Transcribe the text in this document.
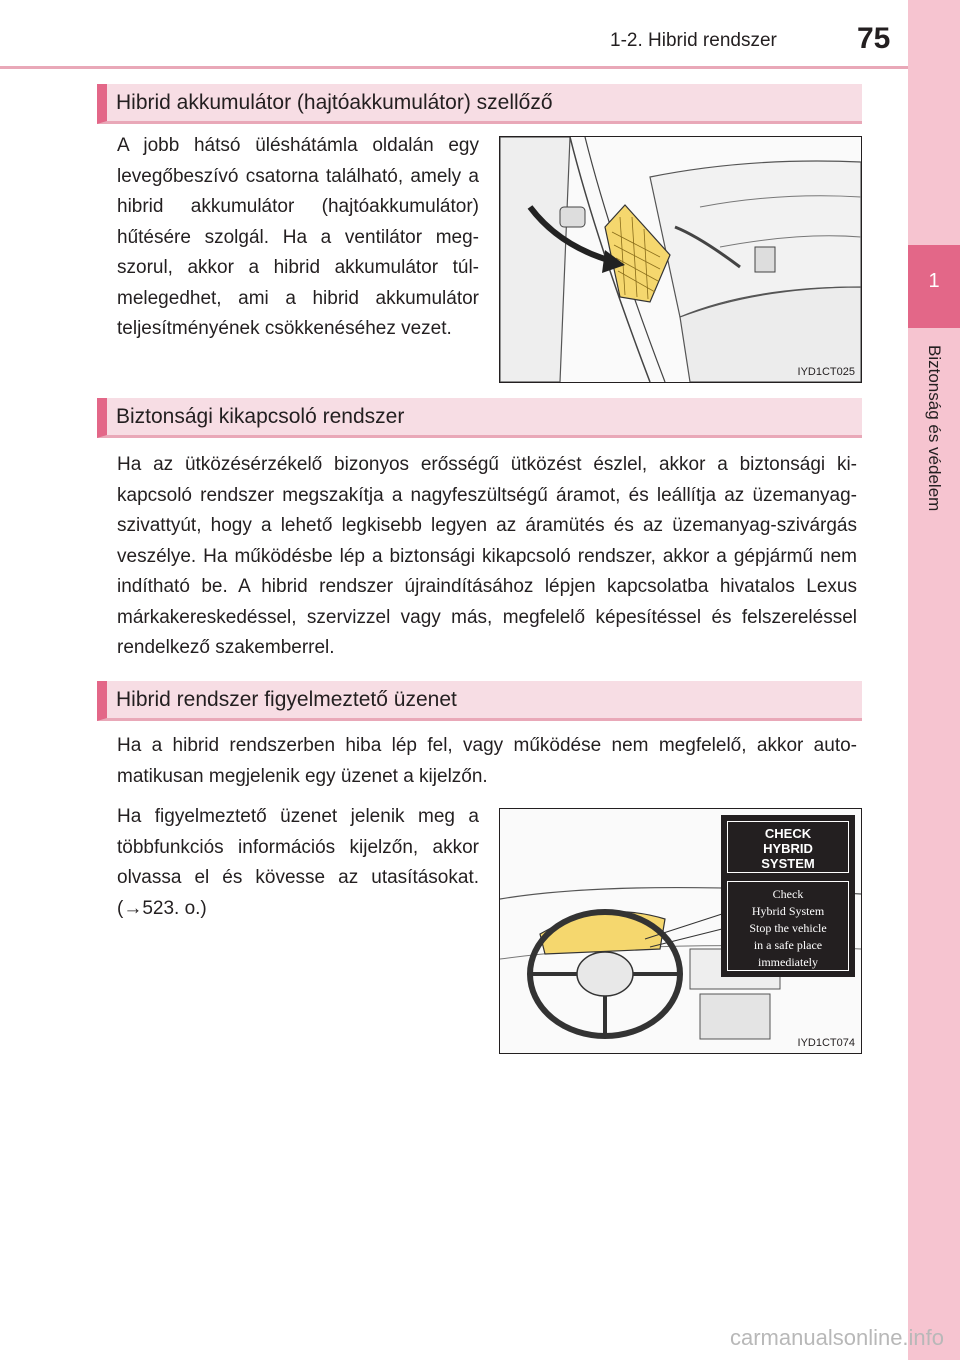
1-2. Hibrid rendszer	75
1
Biztonság és védelem
Hibrid akkumulátor (hajtóakkumulátor) szellőző
A jobb hátsó üléshátámla oldalán egy levegőbeszívó csatorna található, amely a hibrid akkumulátor (hajtóakkumulátor) hűtésére szolgál. Ha a ventilátor megszorul, akkor a hibrid akkumulátor túlmelegedhet, ami a hibrid akkumulátor teljesítményének csökkenéséhez vezet.
IYD1CT025
Biztonsági kikapcsoló rendszer
Ha az ütközésérzékelő bizonyos erősségű ütközést észlel, akkor a biztonsági kikapcsoló rendszer megszakítja a nagyfeszültségű áramot, és leállítja az üzemanyag-szivattyút, hogy a lehető legkisebb legyen az áramütés és az üzemanyag-szivárgás veszélye. Ha működésbe lép a biztonsági kikapcsoló rendszer, akkor a gépjármű nem indítható be. A hibrid rendszer újraindításához lépjen kapcsolatba hivatalos Lexus márkakereskedéssel, szervizzel vagy más, megfelelő képesítéssel és felszereléssel rendelkező szakemberrel.
Hibrid rendszer figyelmeztető üzenet
Ha a hibrid rendszerben hiba lép fel, vagy működése nem megfelelő, akkor automatikusan megjelenik egy üzenet a kijelzőn.
Ha figyelmeztető üzenet jelenik meg a többfunkciós információs kijelzőn, akkor olvassa el és kövesse az utasításokat. (→523. o.)
CHECK
HYBRID
SYSTEM
Check
Hybrid System
Stop the vehicle
in a safe place
immediately
IYD1CT074
carmanualsonline.info
